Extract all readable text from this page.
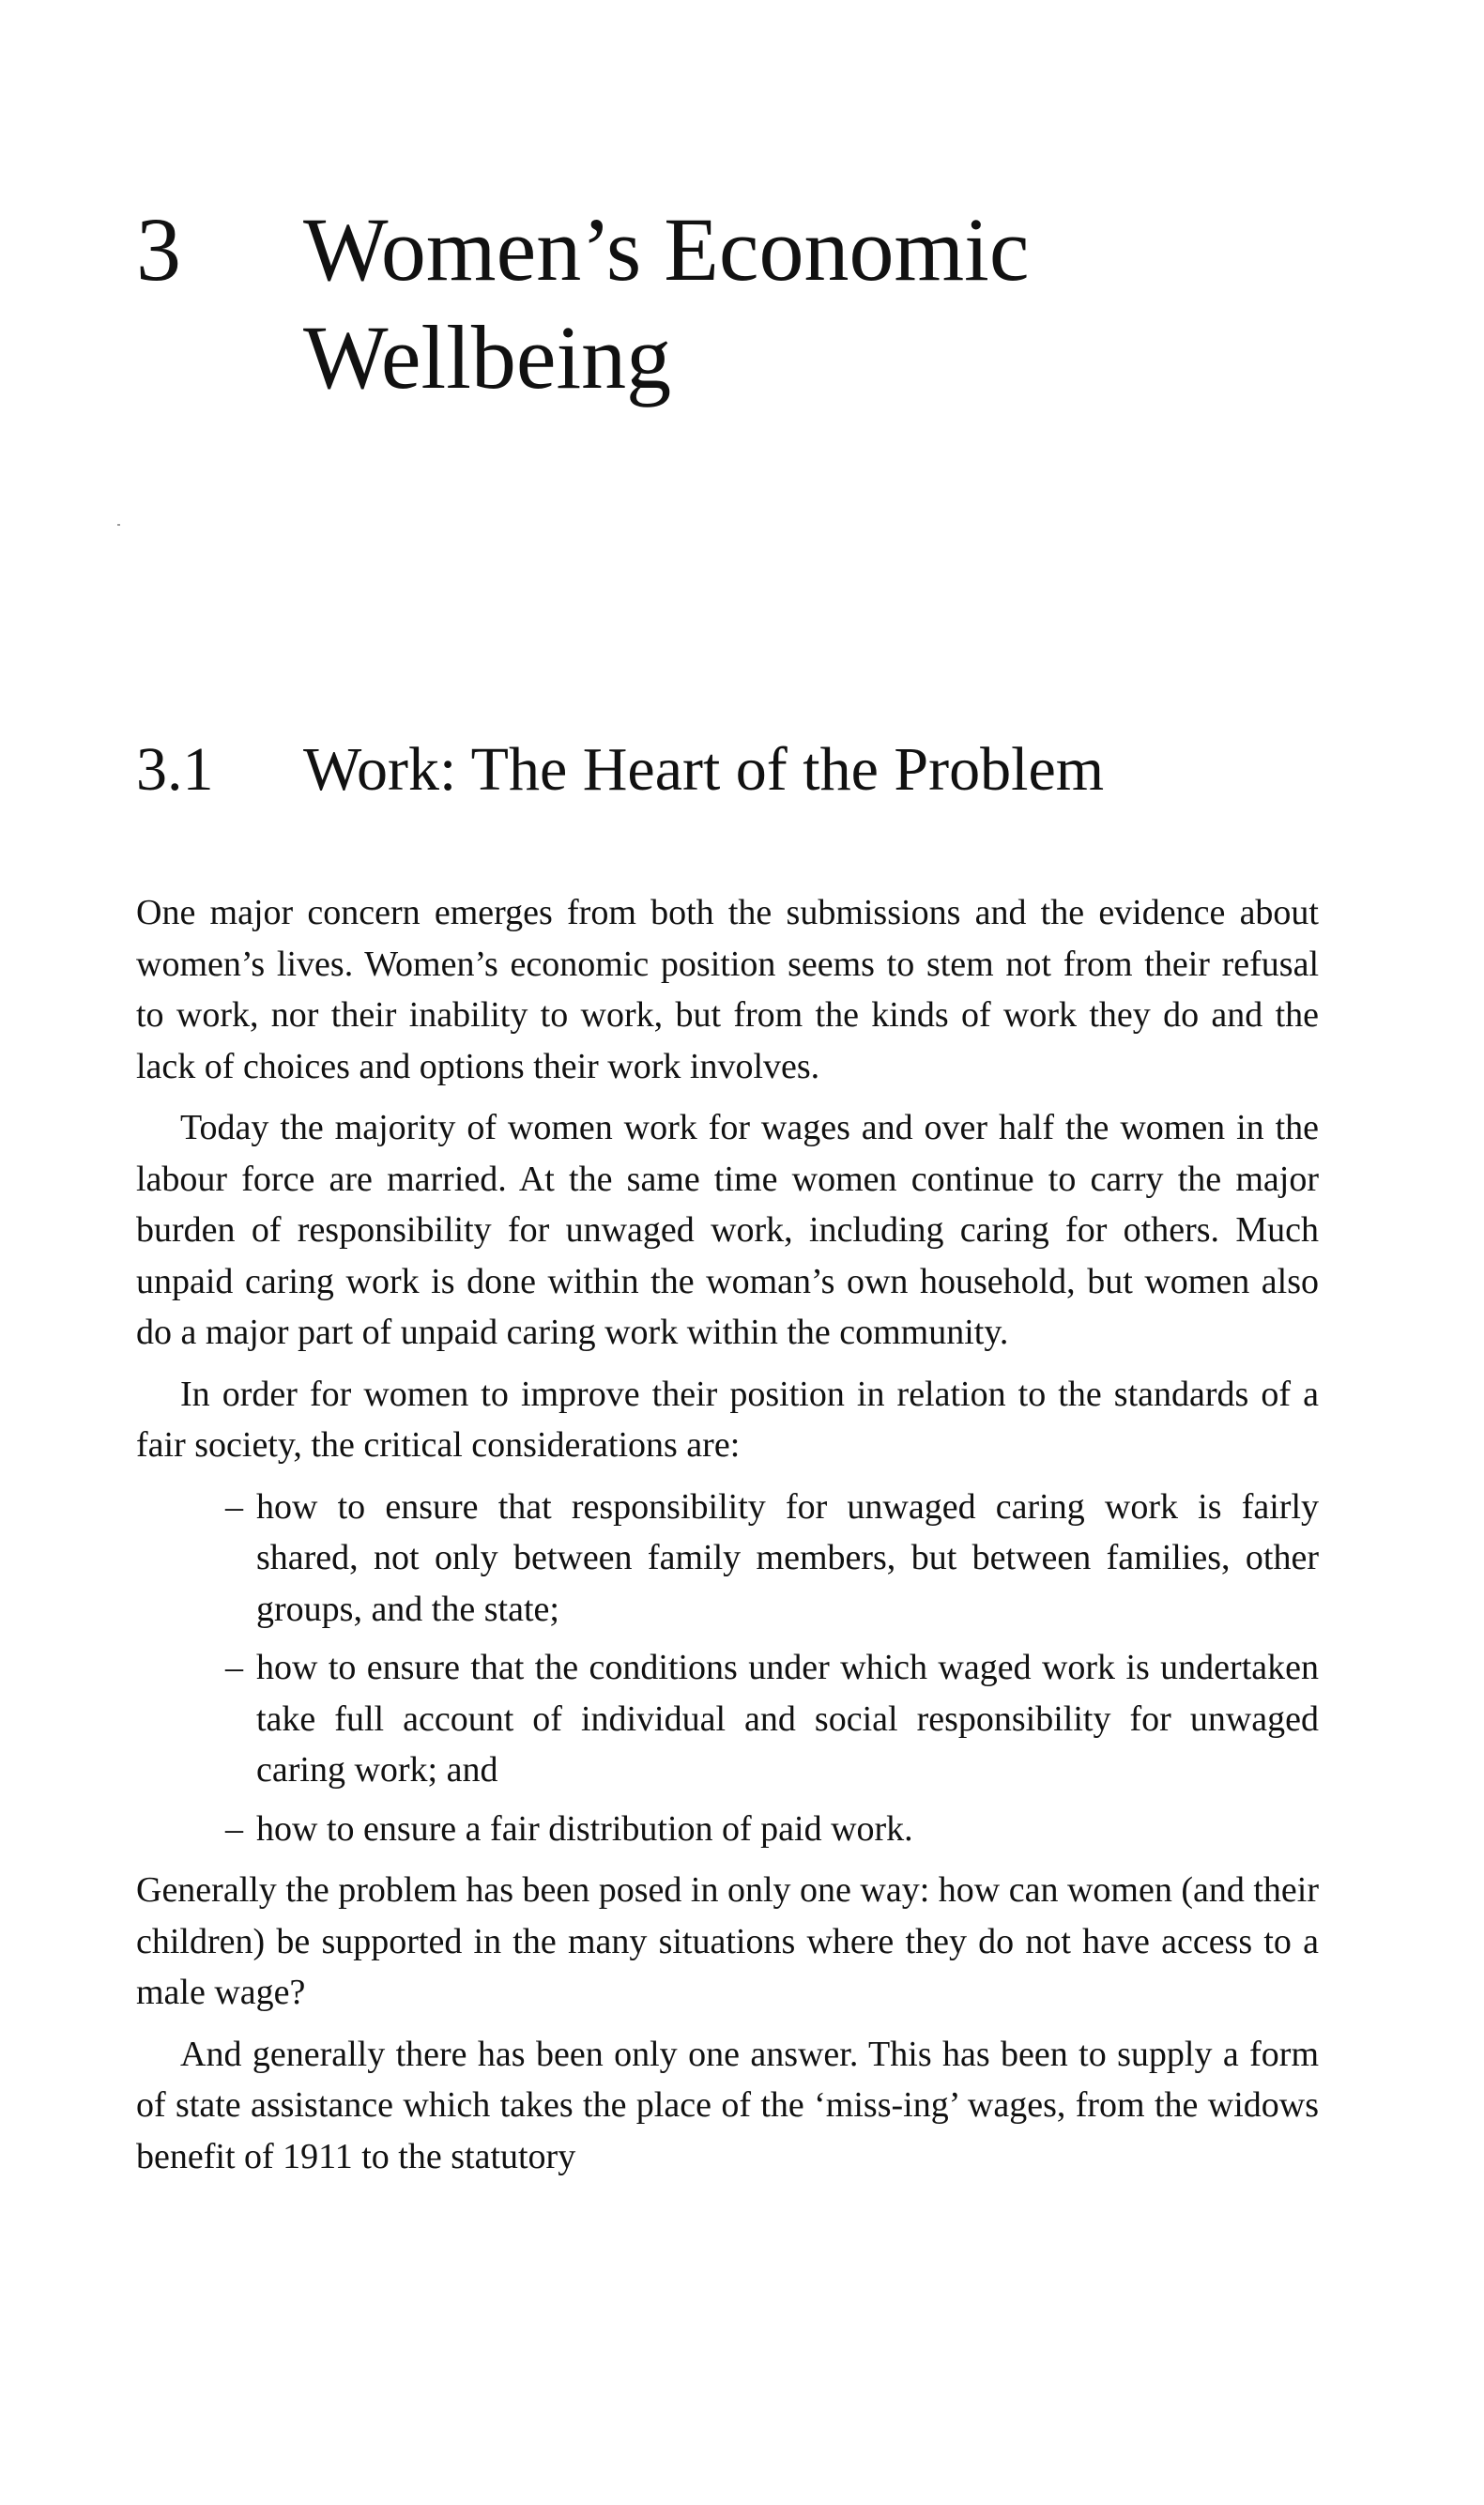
3	Women’s Economic Wellbeing
3.1	Work: The Heart of the Problem

One major concern emerges from both the submissions and the evidence about women’s lives. Women’s economic position seems to stem not from their refusal to work, nor their inability to work, but from the kinds of work they do and the lack of choices and options their work involves.

Today the majority of women work for wages and over half the women in the labour force are married. At the same time women continue to carry the major burden of responsibility for unwaged work, including caring for others. Much unpaid caring work is done within the woman’s own household, but women also do a major part of unpaid caring work within the community.

In order for women to improve their position in relation to the standards of a fair society, the critical considerations are:

– how to ensure that responsibility for unwaged caring work is fairly shared, not only between family members, but between families, other groups, and the state;
– how to ensure that the conditions under which waged work is undertaken take full account of individual and social responsibility for unwaged caring work; and
– how to ensure a fair distribution of paid work.

Generally the problem has been posed in only one way: how can women (and their children) be supported in the many situations where they do not have access to a male wage?

And generally there has been only one answer. This has been to supply a form of state assistance which takes the place of the ‘miss-ing’ wages, from the widows benefit of 1911 to the statutory
